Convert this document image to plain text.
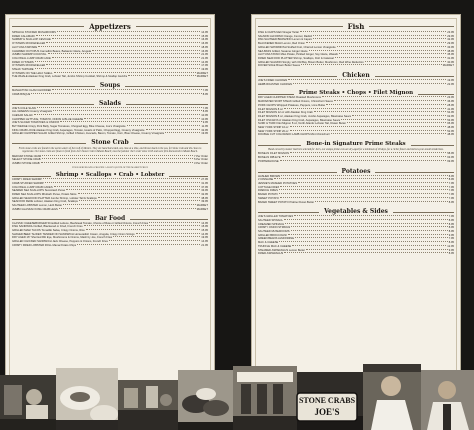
Appetizers
SPINACH STUFFED MUSHROOMS	14.95
FRIED CALAMARI	15.95
SHRIMP & SCALLOP CEVICHE	16.95
OYSTERS ROCKEFELLER	16.95
AHI TUNA TARTARE	18.95
CHARRED OCTOPUS Cannellini Beans, Balsamic Glaze, Arugula	16.95
JUMBO SHRIMP COCKTAIL	21.95
COLOSSAL LUMP CRAB CAKE	21.95
FRIED OYSTERS	14.95
OYSTERS ROCKEFELLER	17.95
STEAK TARTARE	19.95
OYSTERS ON THE HALF SHELL	MARKET
THE WHALE Alaskan King Crab, Lobster Tail, Jumbo Shrimp Cocktail, Shrimp & Scallop Ceviche	MARKET
Soups
MANHATTAN CLAM CHOWDER	7.95
CRAB BISQUE	8.95
Salads
JOE'S COLE SLAW	7.95
ALL GREENS Creamy Vinaigrette	8.95
CAESAR SALAD	10.95
CHOPPED LETTUCE, TOMATO, ONION & BLUE CHEESE	10.95
JOE'S SLICED TOMATOES & ONIONS	9.95
BLT WEDGE Crispy Pork Belly, Sugar Tomatoes, Chopped Egg, Blue Cheese, Joe's Vinaigrette	11.95
KING CRAB LOUIE Alaskan King Crab, Asparagus, Tomato, Hearts of Palm, Chopped Egg, Creamy Vinaigrette	32.95
GRILLED CHOPPED SALAD Grilled Shrimp, Grilled Chicken, Avocado, Bacon, Tomato, Corn, Blue Cheese, Creamy Vinaigrette	19.95
Stone Crab
Fresh stone crabs are found in the warm waters of the Gulf of Mexico. They are hand harvested, one claw at a time, and thrown back to the sea, for Stone crab and the claws to regenerate. Our stone crabs are flown in fresh from Joe's Stone Crab in Miami Beach; now the fashion 'Joe's crab' since 1913 and were first discovered in Miami Beach.
MEDIUM STONE CRAB	7 Per Order
SELECT STONE CRAB	5 Per Order
JUMBO STONE CRAB	3 Per Order
YOUR SERVER WILL PROVIDE A DAILY QUOTE OF THE MARKET PRICE
Shrimp • Scallops • Crab • Lobster
CRISPY FRIED SHRIMP	27.95
CRAB STUFFED SHRIMP	31.95
COLOSSAL LUMP CRAB CAKES	37.95
SEARED SEA SCALLOPS Succotash Puree	33.95
FRIED SEA SCALLOPS Rhubarb Puree, Potato Skins	32.95
GRILLED SEAFOOD PLATTER Jumbo Shrimp, Lobster Tail & Scallops	38.95
SEAFOOD FEDE Lobster, Alaskan King Crab, Scallops	39.95
SAUTEED LOBSTER Lemon, Herb Butter	MARKET
JUMBO ALASKAN KING CRAB LEGS	MARKET
Bar Food
CLASSIC CHEESEBURGER Shredded Lettuce, Beefsteak Tomato, Choice of Raw or Grilled Onions, French Fries	14.95
FISH SANDWICH Grilled, Blackened or Fried, French Fries	15.95
GRILLED MAHI TACOS Tomatillo Salsa, Crispy Onions, Rice	15.95
SHAVED BEEF 'SLIDES' TENDER ON SANDWICH Horseradish Cream, Arugula, Crispy Onion Strings	14.95
DRY AGED 16" Sherried Rib Eye, Mushrooms & Onions, Mash by Joe, French Fries	19.95
GRILLED CHICKEN SANDWICH Jack Cheese, Peppers & Onions, French Fries	14.95
CRISPY FRIED LOBSTER ROLL Mama Potato Chips	21.95
Fish
FISH & CHIPS Malt Vinegar Tartar	23.95
SALMON ALFORNO Orange, Fennel, Radish	29.95
PAN-SAUTEED BRANZINO Lemon & Capers	32.95
BLACKENED MAHI Lemon, Red Onion	29.95
GRILLED SWORDFISH Stuffed Fruit, Charred Lemon Vinaigrette	33.95
SEA BASS Grilled, Sesame Ginger Glaze	38.95
AHI TUNA TATAKI Miso Potato, Pickled Ginger, Soy Glaze, Wasabi	35.95
FRIED SEAFOOD PLATTER Shrimp, Scallops, Fish & Calamari	31.95
GRILLED SALMON Simply, with Old Bay, Brown Butter, Mushroom, Red Wine Reduction	30.95
DOVER SOLE Brown Butter Sauce	MARKET
Chicken
JOE'S FRIED CHICKEN	19.95
HERB ROASTED CHICKEN	22.95
Prime Steaks • Chops • Filet Mignon
DRY AGED CHOPPED STEAK Roasted Mushrooms	23.95
MARINATED SKIRT STEAK Grilled Onions, Chimichurri Sauce	36.95
PORK CHOPS Whipped Potatoes, Peppers, Lime Butter	28.95
FILET MIGNON 8 oz	41.95
FILET MIGNON 12 oz with Alaskan King Crab	54.95
FILET MIGNON 8 oz, Alaskan King Crab, Jumbo Asparagus, Béarnaise Sauce	62.95
FILET OSCAR 8 oz Alaskan King Crab, Asparagus, Béarnaise Sauce	53.95
SURF & TURF Filet Mignon 8 oz, North Atlantic Lobster Tail, Drawn Butter	65.95
NEW YORK STRIP 16 oz	48.95
NEW YORK STRIP 20 oz	52.95
DOUBLE CUT COLORADO LAMB CHOPS Mint Chimichurri	48.95
Bone-in Signature Prime Steaks
Hand carved by master butchers selected for Joe's, our unique prime cuts are dry-aged for a minimum of 28 days, for a richer flavor and melt-in-your-mouth tenderness.
BONE-IN FILET MIGNON	58.95
BONE-IN RIB EYE	63.95
PORTERHOUSE	69.95
Potatoes
HASHED BROWN	8.95
LYONNAISE	8.95
JENNIE'S MASHED POTATOES	7.95
COTTAGE FRIES	7.95
FRENCH FRIES	7.95
BAKED POTATO	7.95
SWEET POTATO	7.95
BAKED SWEET POTATO Praline Pecan Butter	8.95
Vegetables & Sides
JOE'S GRILLED TOMATOES	7.95
SAUTEED SPINACH	8.95
CREAMED SPINACH	8.95
CRISPY ONION STRINGS	8.95
SAUTEED MUSHROOMS	8.95
GRILLED BROCCOLINI	9.95
GREEN BEANS ALMONDINE	7.95
MAC & CHEESE	8.95
TRUFFLE MAC & CHEESE	12.95
STEAMED ASPARAGUS Lemon Butter	9.95
FRIED ASPARAGUS	8.95
STONE CRABS
JOE'S
